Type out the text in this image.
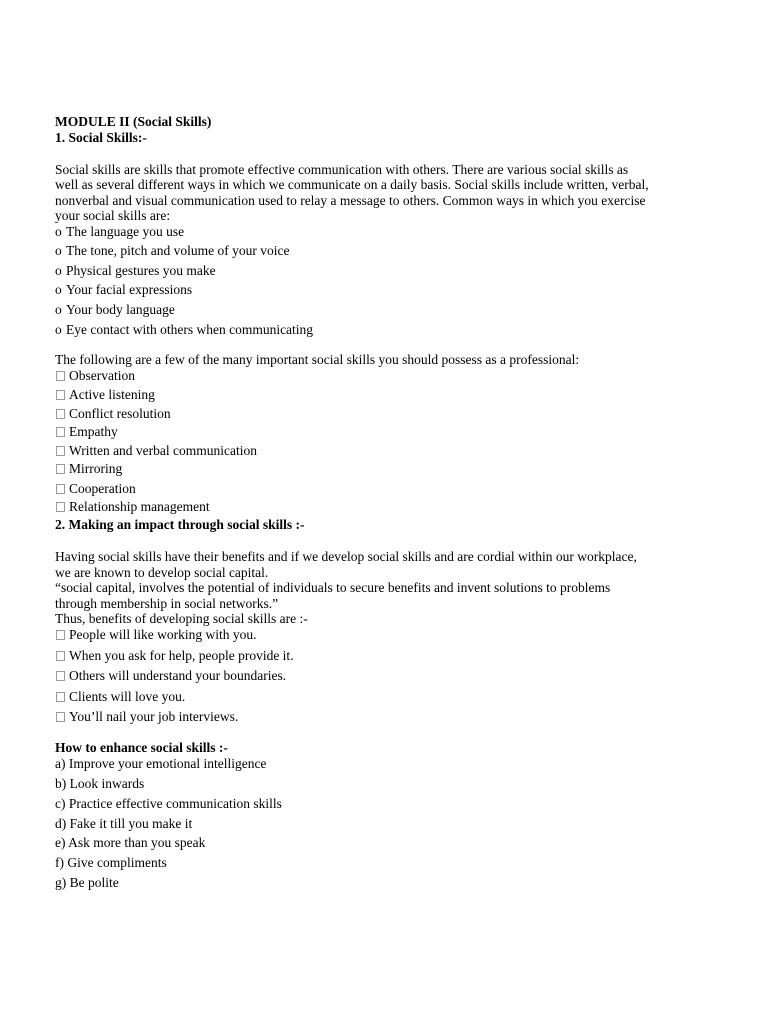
MODULE II (Social Skills)
1. Social Skills:-
Social skills are skills that promote effective communication with others. There are various social skills as
well as several different ways in which we communicate on a daily basis. Social skills include written, verbal,
nonverbal and visual communication used to relay a message to others. Common ways in which you exercise
your social skills are:
o The language you use
o The tone, pitch and volume of your voice
o Physical gestures you make
o Your facial expressions
o Your body language
o Eye contact with others when communicating
The following are a few of the many important social skills you should possess as a professional:
Observation
Active listening
Conflict resolution
Empathy
Written and verbal communication
Mirroring
Cooperation
Relationship management
2. Making an impact through social skills :-
Having social skills have their benefits and if we develop social skills and are cordial within our workplace,
we are known to develop social capital.
“social capital, involves the potential of individuals to secure benefits and invent solutions to problems
through membership in social networks.”
Thus, benefits of developing social skills are :-
People will like working with you.
When you ask for help, people provide it.
Others will understand your boundaries.
Clients will love you.
You’ll nail your job interviews.
How to enhance social skills :-
a) Improve your emotional intelligence
b) Look inwards
c) Practice effective communication skills
d) Fake it till you make it
e) Ask more than you speak
f) Give compliments
g) Be polite
